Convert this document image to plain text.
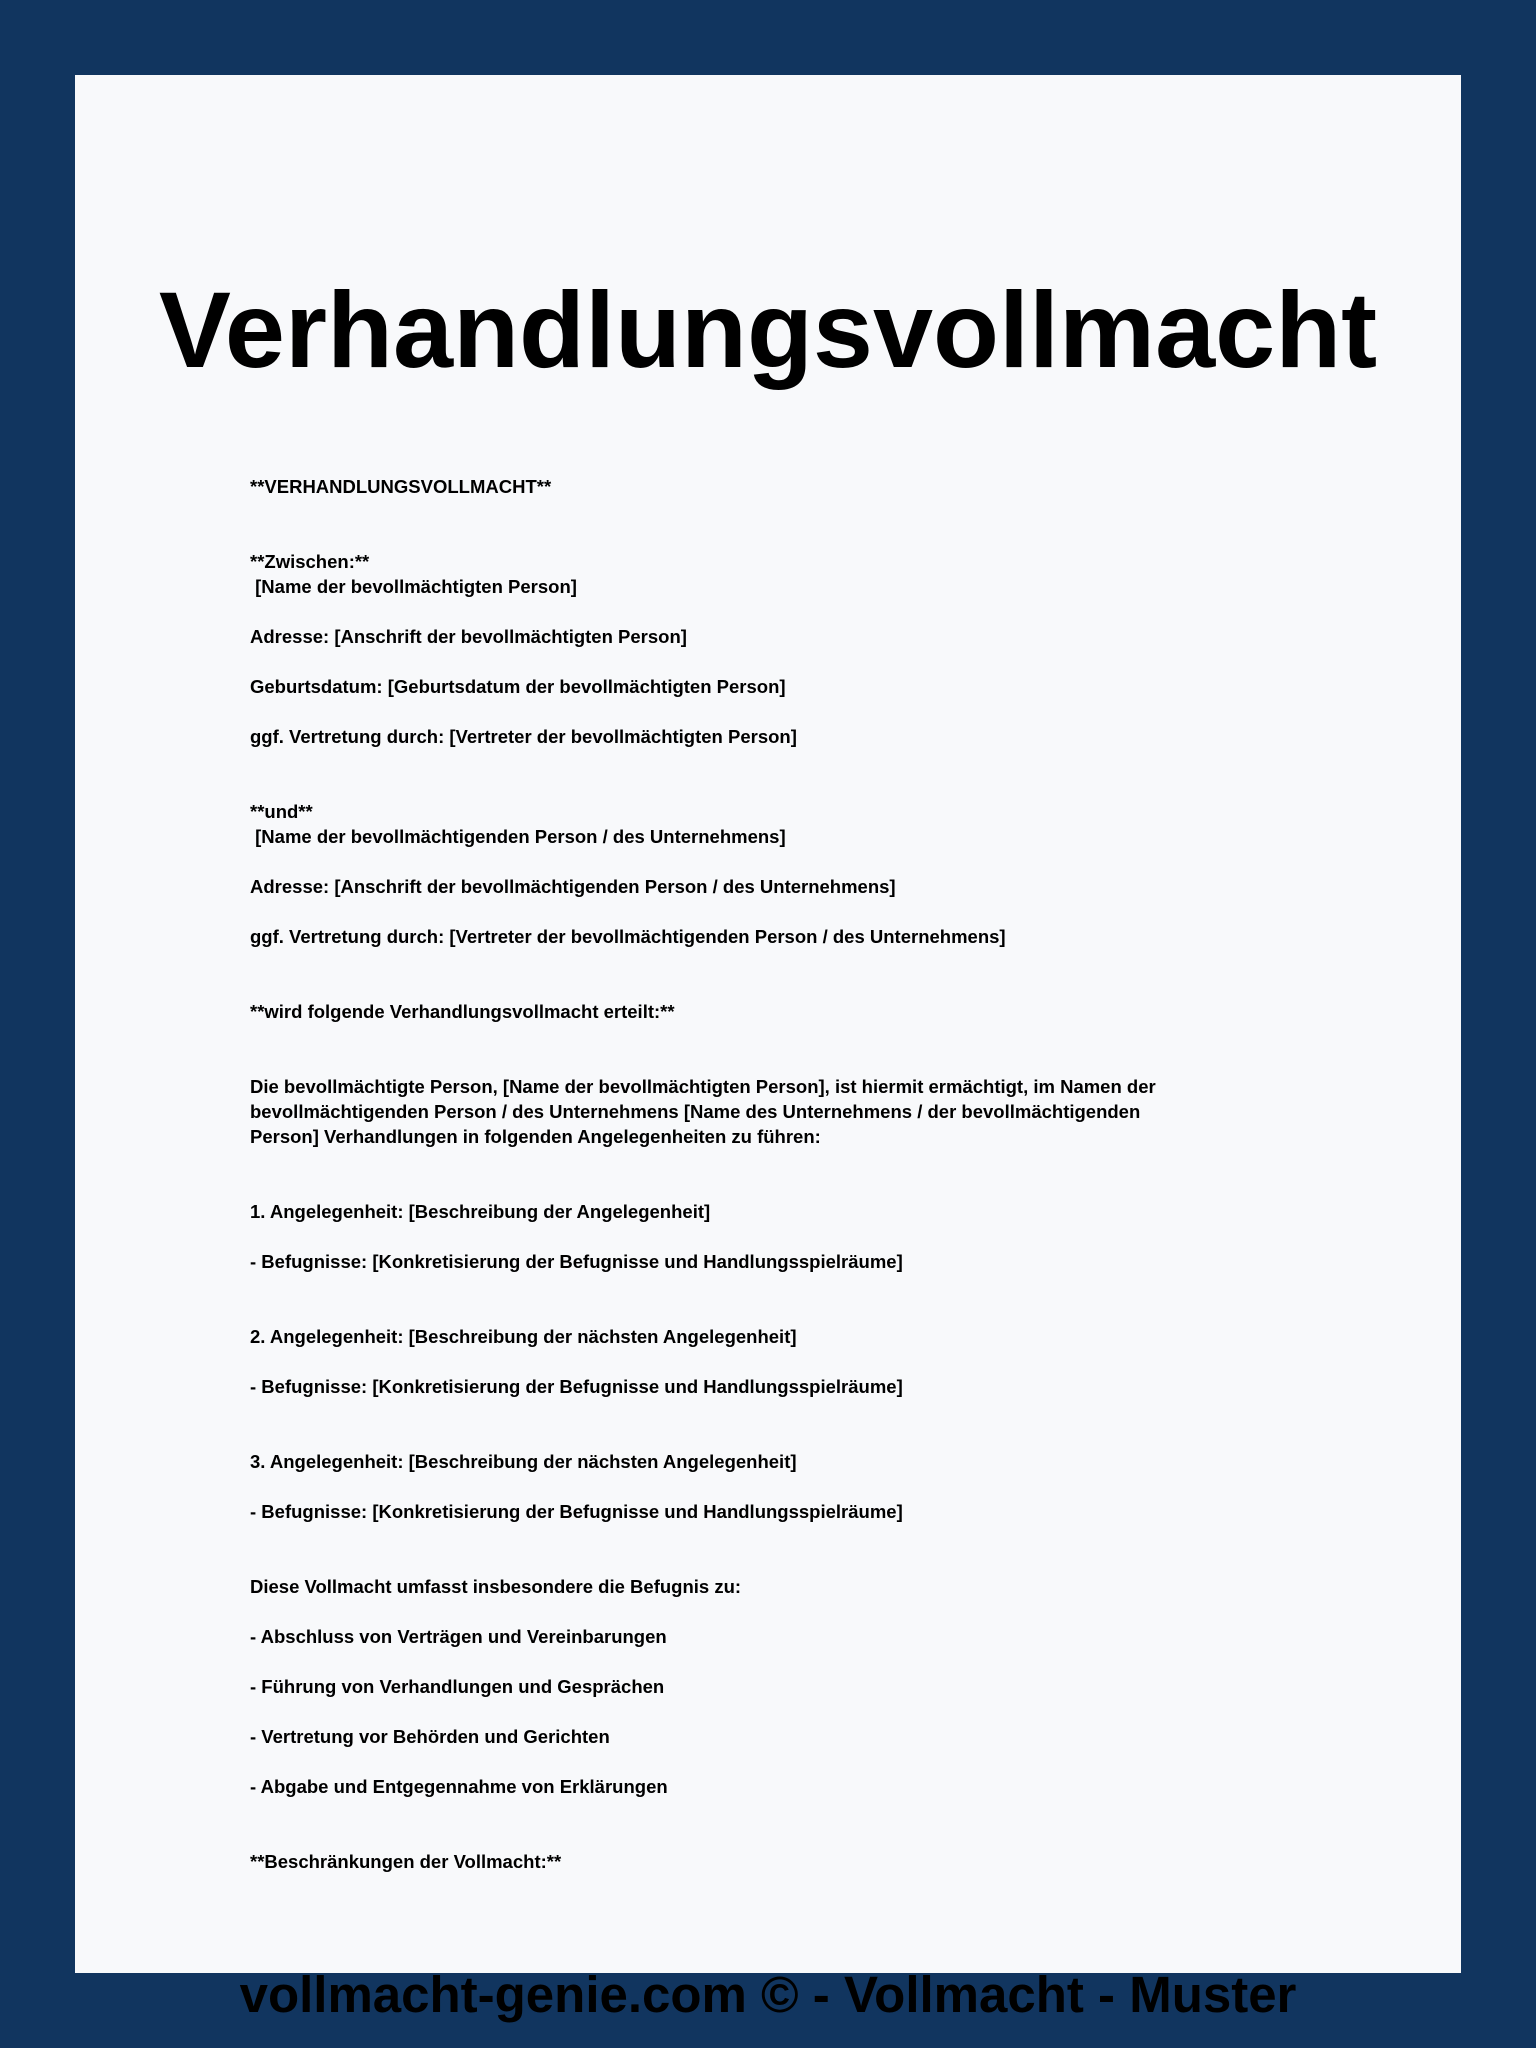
Verhandlungsvollmacht

**VERHANDLUNGSVOLLMACHT**

**Zwischen:**

[Name der bevollmächtigten Person]

Adresse: [Anschrift der bevollmächtigten Person]

Geburtsdatum: [Geburtsdatum der bevollmächtigten Person]

ggf. Vertretung durch: [Vertreter der bevollmächtigten Person]

**und**

[Name der bevollmächtigenden Person / des Unternehmens]

Adresse: [Anschrift der bevollmächtigenden Person / des Unternehmens]

ggf. Vertretung durch: [Vertreter der bevollmächtigenden Person / des Unternehmens]

**wird folgende Verhandlungsvollmacht erteilt:**

Die bevollmächtigte Person, [Name der bevollmächtigten Person], ist hiermit ermächtigt, im Namen der

bevollmächtigenden Person / des Unternehmens [Name des Unternehmens / der bevollmächtigenden

Person] Verhandlungen in folgenden Angelegenheiten zu führen:

1. Angelegenheit: [Beschreibung der Angelegenheit]

- Befugnisse: [Konkretisierung der Befugnisse und Handlungsspielräume]

2. Angelegenheit: [Beschreibung der nächsten Angelegenheit]

- Befugnisse: [Konkretisierung der Befugnisse und Handlungsspielräume]

3. Angelegenheit: [Beschreibung der nächsten Angelegenheit]

- Befugnisse: [Konkretisierung der Befugnisse und Handlungsspielräume]

Diese Vollmacht umfasst insbesondere die Befugnis zu:

- Abschluss von Verträgen und Vereinbarungen

- Führung von Verhandlungen und Gesprächen

- Vertretung vor Behörden und Gerichten

- Abgabe und Entgegennahme von Erklärungen

**Beschränkungen der Vollmacht:**

vollmacht-genie.com © - Vollmacht - Muster
